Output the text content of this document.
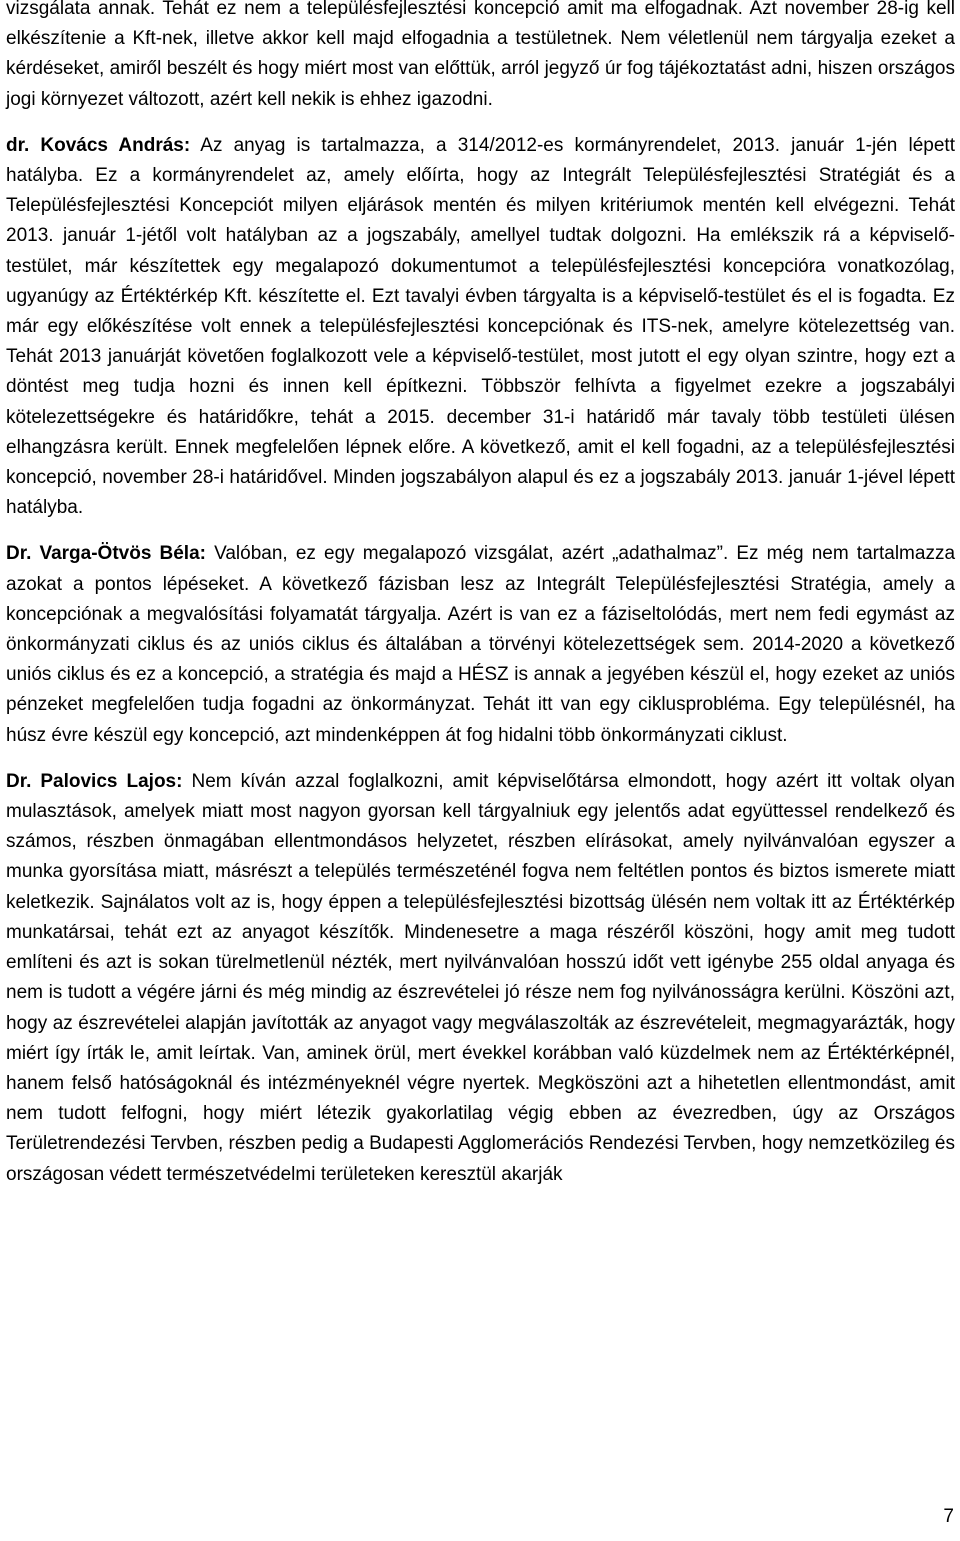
vizsgálata annak. Tehát ez nem a településfejlesztési koncepció amit ma elfogadnak. Azt november 28-ig kell elkészítenie a Kft-nek, illetve akkor kell majd elfogadnia a testületnek. Nem véletlenül nem tárgyalja ezeket a kérdéseket, amiről beszélt és hogy miért most van előttük, arról jegyző úr fog tájékoztatást adni, hiszen országos jogi környezet változott, azért kell nekik is ehhez igazodni.

dr. Kovács András: Az anyag is tartalmazza, a 314/2012-es kormányrendelet, 2013. január 1-jén lépett hatályba. Ez a kormányrendelet az, amely előírta, hogy az Integrált Településfejlesztési Stratégiát és a Településfejlesztési Koncepciót milyen eljárások mentén és milyen kritériumok mentén kell elvégezni. Tehát 2013. január 1-jétől volt hatályban az a jogszabály, amellyel tudtak dolgozni. Ha emlékszik rá a képviselő-testület, már készítettek egy megalapozó dokumentumot a településfejlesztési koncepcióra vonatkozólag, ugyanúgy az Értéktérkép Kft. készítette el. Ezt tavalyi évben tárgyalta is a képviselő-testület és el is fogadta. Ez már egy előkészítése volt ennek a településfejlesztési koncepciónak és ITS-nek, amelyre kötelezettség van. Tehát 2013 januárját követően foglalkozott vele a képviselő-testület, most jutott el egy olyan szintre, hogy ezt a döntést meg tudja hozni és innen kell építkezni. Többször felhívta a figyelmet ezekre a jogszabályi kötelezettségekre és határidőkre, tehát a 2015. december 31-i határidő már tavaly több testületi ülésen elhangzásra került. Ennek megfelelően lépnek előre. A következő, amit el kell fogadni, az a településfejlesztési koncepció, november 28-i határidővel. Minden jogszabályon alapul és ez a jogszabály 2013. január 1-jével lépett hatályba.

Dr. Varga-Ötvös Béla: Valóban, ez egy megalapozó vizsgálat, azért „adathalmaz”. Ez még nem tartalmazza azokat a pontos lépéseket. A következő fázisban lesz az Integrált Településfejlesztési Stratégia, amely a koncepciónak a megvalósítási folyamatát tárgyalja. Azért is van ez a fáziseltolódás, mert nem fedi egymást az önkormányzati ciklus és az uniós ciklus és általában a törvényi kötelezettségek sem. 2014-2020 a következő uniós ciklus és ez a koncepció, a stratégia és majd a HÉSZ is annak a jegyében készül el, hogy ezeket az uniós pénzeket megfelelően tudja fogadni az önkormányzat. Tehát itt van egy ciklusprobléma. Egy településnél, ha húsz évre készül egy koncepció, azt mindenképpen át fog hidalni több önkormányzati ciklust.

Dr. Palovics Lajos: Nem kíván azzal foglalkozni, amit képviselőtársa elmondott, hogy azért itt voltak olyan mulasztások, amelyek miatt most nagyon gyorsan kell tárgyalniuk egy jelentős adat együttessel rendelkező és számos, részben önmagában ellentmondásos helyzetet, részben elírásokat, amely nyilvánvalóan egyszer a munka gyorsítása miatt, másrészt a település természeténél fogva nem feltétlen pontos és biztos ismerete miatt keletkezik. Sajnálatos volt az is, hogy éppen a településfejlesztési bizottság ülésén nem voltak itt az Értéktérkép munkatársai, tehát ezt az anyagot készítők. Mindenesetre a maga részéről köszöni, hogy amit meg tudott említeni és azt is sokan türelmetlenül nézték, mert nyilvánvalóan hosszú időt vett igénybe 255 oldal anyaga és nem is tudott a végére járni és még mindig az észrevételei jó része nem fog nyilvánosságra kerülni. Köszöni azt, hogy az észrevételei alapján javították az anyagot vagy megválaszolták az észrevételeit, megmagyarázták, hogy miért így írták le, amit leírtak. Van, aminek örül, mert évekkel korábban való küzdelmek nem az Értéktérképnél, hanem felső hatóságoknál és intézményeknél végre nyertek. Megköszöni azt a hihetetlen ellentmondást, amit nem tudott felfogni, hogy miért létezik gyakorlatilag végig ebben az évezredben, úgy az Országos Területrendezési Tervben, részben pedig a Budapesti Agglomerációs Rendezési Tervben, hogy nemzetközileg és országosan védett természetvédelmi területeken keresztül akarják

7
